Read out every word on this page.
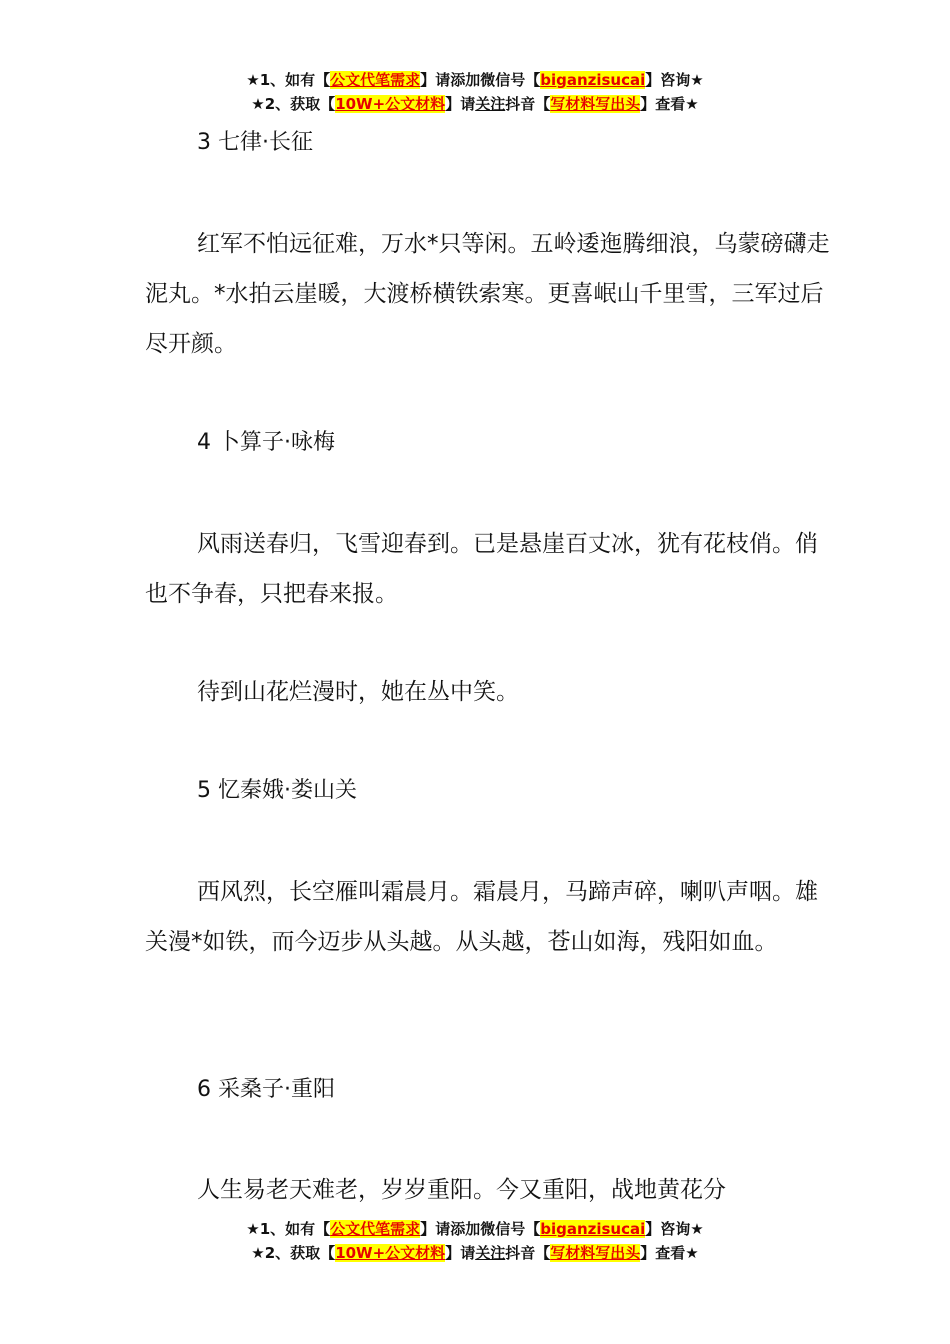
★1、如有【公文代笔需求】请添加微信号【biganzisucai】咨询★
★2、获取【10W+公文材料】请关注抖音【写材料写出头】查看★
3 七律·长征

红军不怕远征难，万水*只等闲。五岭逶迤腾细浪，乌蒙磅礴走泥丸。*水拍云崖暖，大渡桥横铁索寒。更喜岷山千里雪，三军过后尽开颜。

4 卜算子·咏梅

风雨送春归，飞雪迎春到。已是悬崖百丈冰，犹有花枝俏。俏也不争春，只把春来报。

待到山花烂漫时，她在丛中笑。

5 忆秦娥·娄山关

西风烈，长空雁叫霜晨月。霜晨月，马蹄声碎，喇叭声咽。雄关漫*如铁，而今迈步从头越。从头越，苍山如海，残阳如血。

6 采桑子·重阳

人生易老天难老，岁岁重阳。今又重阳，战地黄花分

★1、如有【公文代笔需求】请添加微信号【biganzisucai】咨询★
★2、获取【10W+公文材料】请关注抖音【写材料写出头】查看★
